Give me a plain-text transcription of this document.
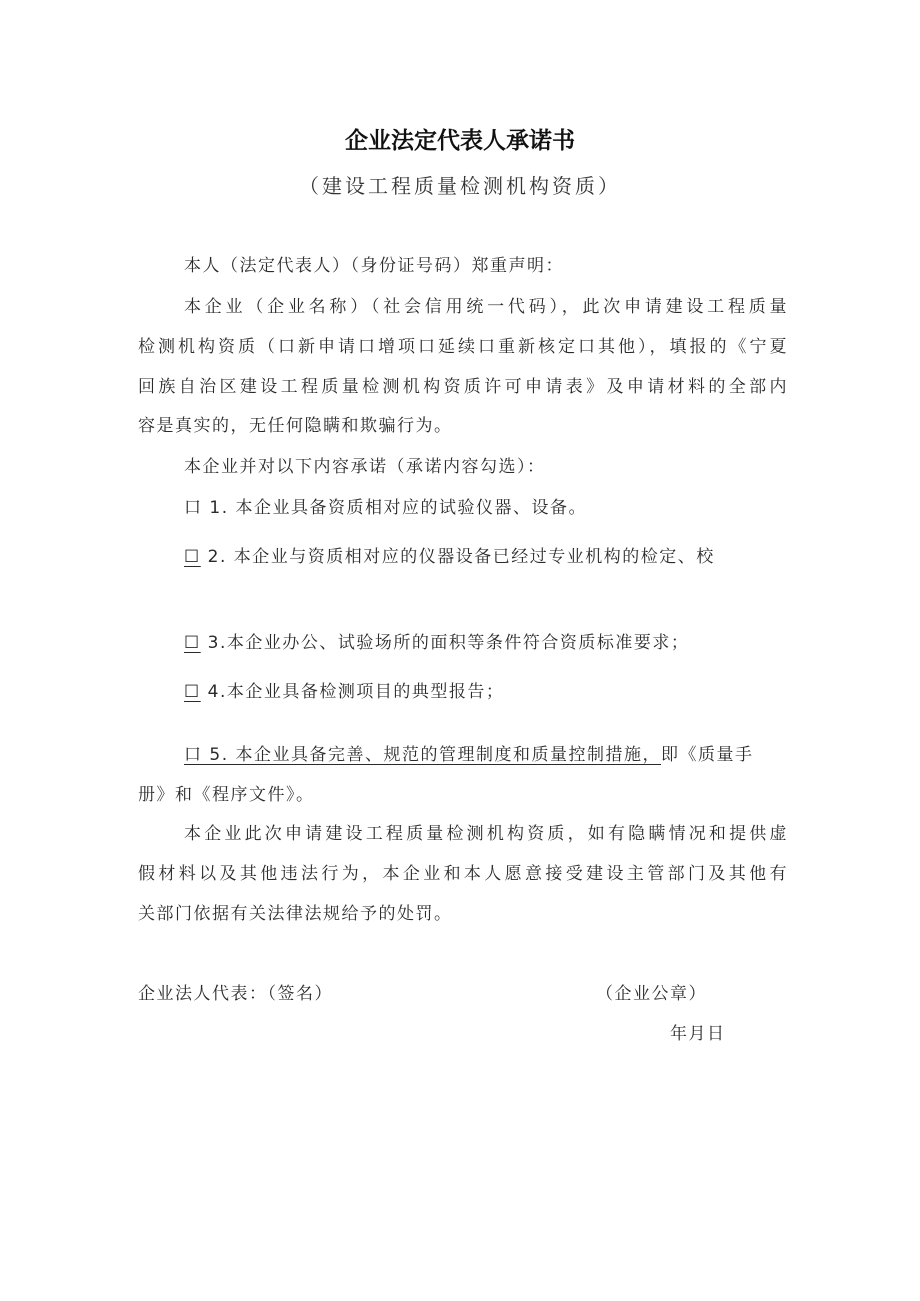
企业法定代表人承诺书
（建设工程质量检测机构资质）
本人（法定代表人）（身份证号码）郑重声明：
本企业（企业名称）（社会信用统一代码），此次申请建设工程质量
检测机构资质（口新申请口增项口延续口重新核定口其他），填报的《宁夏
回族自治区建设工程质量检测机构资质许可申请表》及申请材料的全部内
容是真实的，无任何隐瞒和欺骗行为。
本企业并对以下内容承诺（承诺内容勾选）：
口 1. 本企业具备资质相对应的试验仪器、设备。
☐ 2. 本企业与资质相对应的仪器设备已经过专业机构的检定、校
☐ 3.本企业办公、试验场所的面积等条件符合资质标准要求；
☐ 4.本企业具备检测项目的典型报告；
口 5. 本企业具备完善、规范的管理制度和质量控制措施，即《质量手
册》和《程序文件》。
本企业此次申请建设工程质量检测机构资质，如有隐瞒情况和提供虚
假材料以及其他违法行为，本企业和本人愿意接受建设主管部门及其他有
关部门依据有关法律法规给予的处罚。
企业法人代表：（签名）	（企业公章）
年月日
